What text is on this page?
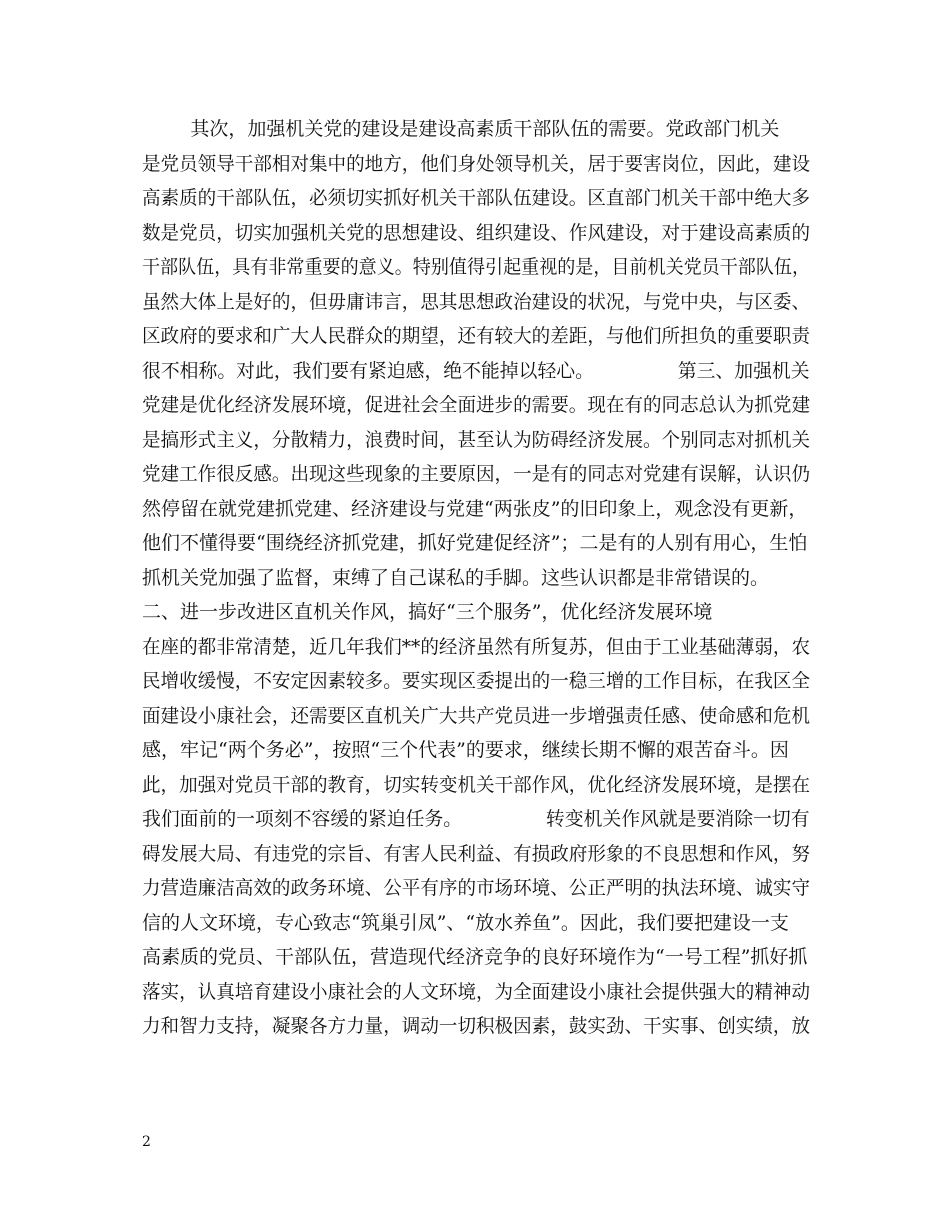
其次，加强机关党的建设是建设高素质干部队伍的需要。党政部门机关
是党员领导干部相对集中的地方，他们身处领导机关，居于要害岗位，因此，建设
高素质的干部队伍，必须切实抓好机关干部队伍建设。区直部门机关干部中绝大多
数是党员，切实加强机关党的思想建设、组织建设、作风建设，对于建设高素质的
干部队伍，具有非常重要的意义。特别值得引起重视的是，目前机关党员干部队伍，
虽然大体上是好的，但毋庸讳言，思其思想政治建设的状况，与党中央，与区委、
区政府的要求和广大人民群众的期望，还有较大的差距，与他们所担负的重要职责
很不相称。对此，我们要有紧迫感，绝不能掉以轻心。              第三、加强机关
党建是优化经济发展环境，促进社会全面进步的需要。现在有的同志总认为抓党建
是搞形式主义，分散精力，浪费时间，甚至认为防碍经济发展。个别同志对抓机关
党建工作很反感。出现这些现象的主要原因，一是有的同志对党建有误解，认识仍
然停留在就党建抓党建、经济建设与党建“两张皮”的旧印象上，观念没有更新，
他们不懂得要“围绕经济抓党建，抓好党建促经济”；二是有的人别有用心，生怕
抓机关党加强了监督，束缚了自己谋私的手脚。这些认识都是非常错误的。
二、进一步改进区直机关作风，搞好“三个服务”，优化经济发展环境
在座的都非常清楚，近几年我们**的经济虽然有所复苏，但由于工业基础薄弱，农
民增收缓慢，不安定因素较多。要实现区委提出的一稳三增的工作目标，在我区全
面建设小康社会，还需要区直机关广大共产党员进一步增强责任感、使命感和危机
感，牢记“两个务必”，按照“三个代表”的要求，继续长期不懈的艰苦奋斗。因
此，加强对党员干部的教育，切实转变机关干部作风，优化经济发展环境，是摆在
我们面前的一项刻不容缓的紧迫任务。              转变机关作风就是要消除一切有
碍发展大局、有违党的宗旨、有害人民利益、有损政府形象的不良思想和作风，努
力营造廉洁高效的政务环境、公平有序的市场环境、公正严明的执法环境、诚实守
信的人文环境，专心致志“筑巢引凤”、“放水养鱼”。因此，我们要把建设一支
高素质的党员、干部队伍，营造现代经济竞争的良好环境作为“一号工程”抓好抓
落实，认真培育建设小康社会的人文环境，为全面建设小康社会提供强大的精神动
力和智力支持，凝聚各方力量，调动一切积极因素，鼓实劲、干实事、创实绩，放
2
